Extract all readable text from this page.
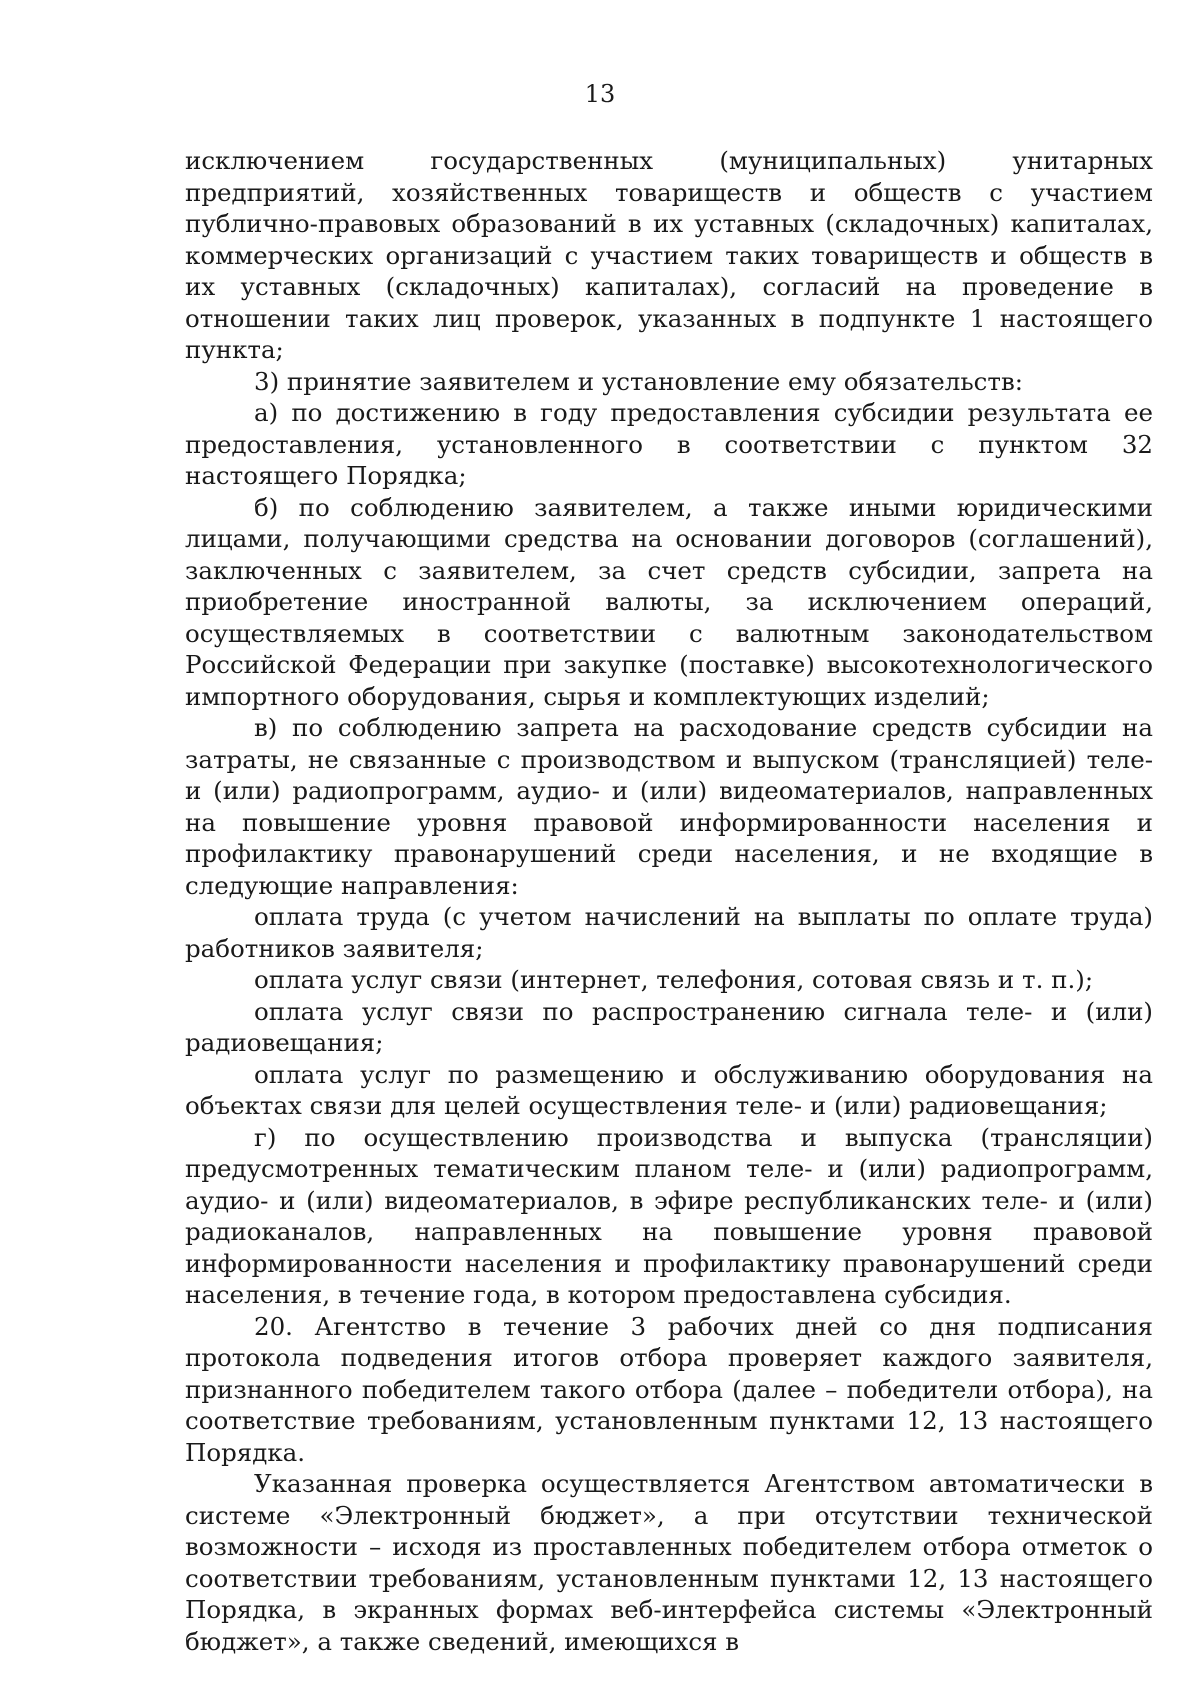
13

исключением государственных (муниципальных) унитарных предприятий, хозяйственных товариществ и обществ с участием публично-правовых образований в их уставных (складочных) капиталах, коммерческих организаций с участием таких товариществ и обществ в их уставных (складочных) капиталах), согласий на проведение в отношении таких лиц проверок, указанных в подпункте 1 настоящего пункта;

3) принятие заявителем и установление ему обязательств:

а) по достижению в году предоставления субсидии результата ее предоставления, установленного в соответствии с пунктом 32 настоящего Порядка;

б) по соблюдению заявителем, а также иными юридическими лицами, получающими средства на основании договоров (соглашений), заключенных с заявителем, за счет средств субсидии, запрета на приобретение иностранной валюты, за исключением операций, осуществляемых в соответствии с валютным законодательством Российской Федерации при закупке (поставке) высокотехнологического импортного оборудования, сырья и комплектующих изделий;

в) по соблюдению запрета на расходование средств субсидии на затраты, не связанные с производством и выпуском (трансляцией) теле- и (или) радиопрограмм, аудио- и (или) видеоматериалов, направленных на повышение уровня правовой информированности населения и профилактику правонарушений среди населения, и не входящие в следующие направления:

оплата труда (с учетом начислений на выплаты по оплате труда) работников заявителя;

оплата услуг связи (интернет, телефония, сотовая связь и т. п.);

оплата услуг связи по распространению сигнала теле- и (или) радиовещания;

оплата услуг по размещению и обслуживанию оборудования на объектах связи для целей осуществления теле- и (или) радиовещания;

г) по осуществлению производства и выпуска (трансляции) предусмотренных тематическим планом теле- и (или) радиопрограмм, аудио- и (или) видеоматериалов, в эфире республиканских теле- и (или) радиоканалов, направленных на повышение уровня правовой информированности населения и профилактику правонарушений среди населения, в течение года, в котором предоставлена субсидия.

20. Агентство в течение 3 рабочих дней со дня подписания протокола подведения итогов отбора проверяет каждого заявителя, признанного победителем такого отбора (далее – победители отбора), на соответствие требованиям, установленным пунктами 12, 13 настоящего Порядка.

Указанная проверка осуществляется Агентством автоматически в системе «Электронный бюджет», а при отсутствии технической возможности – исходя из проставленных победителем отбора отметок о соответствии требованиям, установленным пунктами 12, 13 настоящего Порядка, в экранных формах веб-интерфейса системы «Электронный бюджет», а также сведений, имеющихся в
